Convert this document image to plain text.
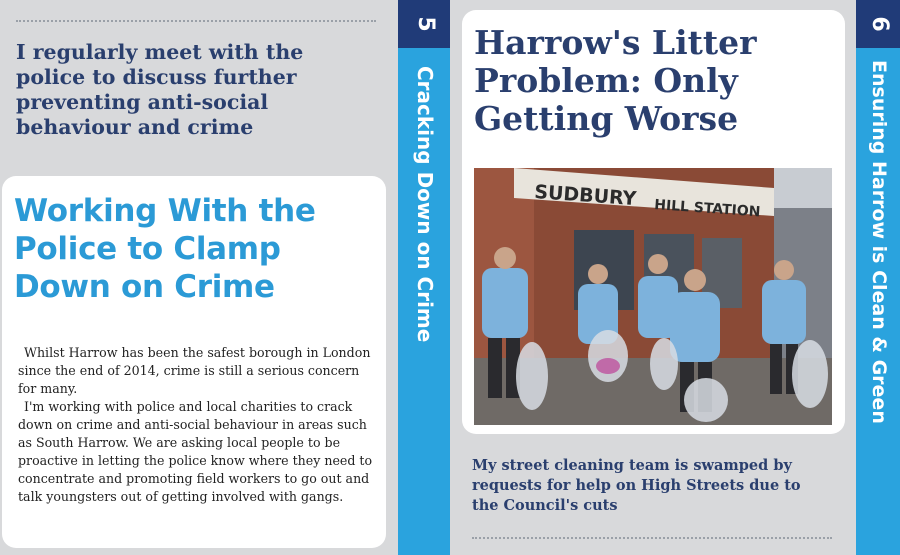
I regularly meet with the police to discuss further preventing anti-social behaviour and crime
Working With the Police to Clamp Down on Crime

Whilst Harrow has been the safest borough in London since the end of 2014, crime is still a serious concern for many.

I'm working with police and local charities to crack down on crime and anti-social behaviour in areas such as South Harrow. We are asking local people to be proactive in letting the police know where they need to concentrate and promoting field workers to go out and talk youngsters out of getting involved with gangs.

5
Cracking Down on Crime
Harrow's Litter Problem: Only Getting Worse
SUDBURY HILL STATION
My street cleaning team is swamped by requests for help on High Streets due to the Council's cuts
6
Ensuring Harrow is Clean & Green
